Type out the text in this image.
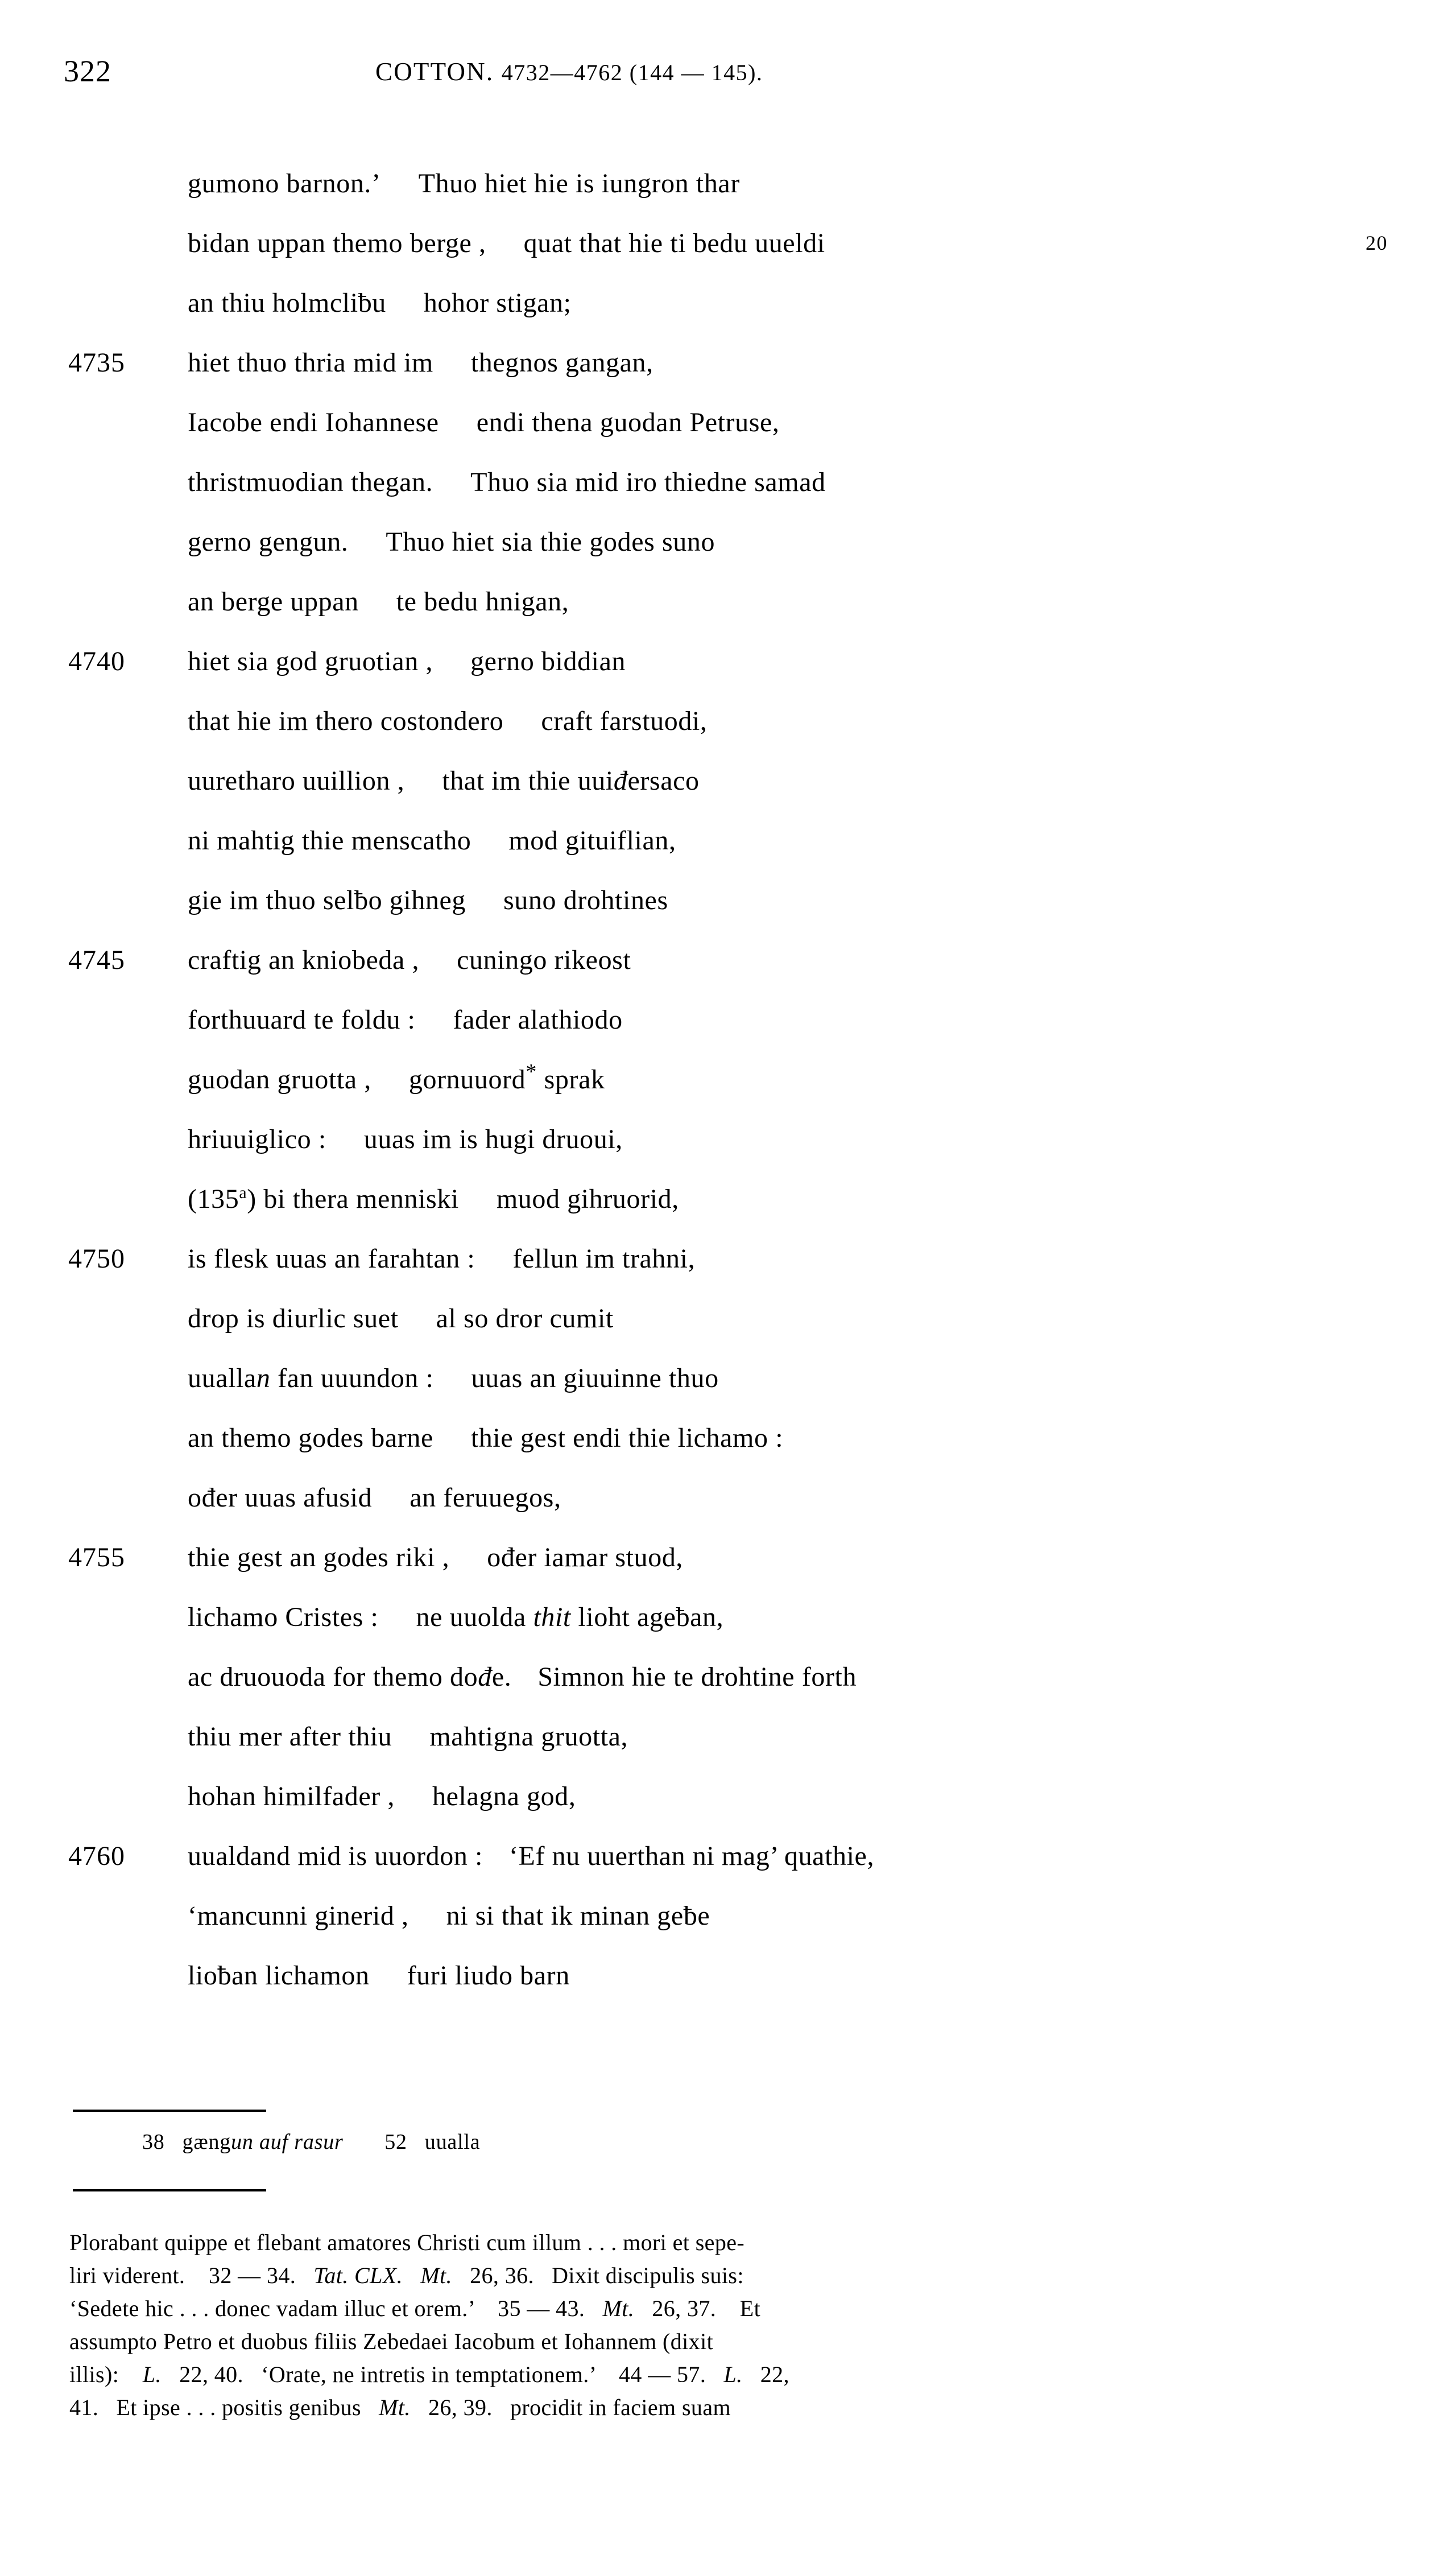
322	COTTON. 4732—4762 (144 — 145).
gumono barnon.’ Thuo hiet hie is iungron thar
bidan uppan themo berge , quat that hie ti bedu uueldi	20
an thiu holmcliƀu hohor stigan;
4735	hiet thuo thria mid im thegnos gangan,
Iacobe endi Iohannese endi thena guodan Petruse,
thristmuodian thegan. Thuo sia mid iro thiedne samad
gerno gengun. Thuo hiet sia thie godes suno
an berge uppan te bedu hnigan,
4740	hiet sia god gruotian , gerno biddian
that hie im thero costondero craft farstuodi,
uuretharo uuillion , that im thie uuiđersaco
ni mahtig thie menscatho mod gituiflian,
gie im thuo selƀo gihneg suno drohtines
4745	craftig an kniobeda , cuningo rikeost
forthuuard te foldu : fader alathiodo
guodan gruotta , gornuuord* sprak
hriuuiglico : uuas im is hugi druoui,
(135$^a$) bi thera menniski muod gihruorid,
4750	is flesk uuas an farahtan : fellun im trahni,
drop is diurlic suet al so dror cumit
uuallan fan uuundon : uuas an giuuinne thuo
an themo godes barne thie gest endi thie lichamo :
ođer uuas afusid an feruuegos,
4755	thie gest an godes riki , ođer iamar stuod,
lichamo Cristes : ne uuolda thit lioht ageƀan,
ac druouoda for themo dođe. Simnon hie te drohtine forth
thiu mer after thiu mahtigna gruotta,
hohan himilfader , helagna god,
4760	uualdand mid is uuordon : ‘Ef nu uuerthan ni mag’ quathie,
‘mancunni ginerid , ni si that ik minan geƀe
lioƀan lichamon furi liudo barn
38 gængun auf rasur 52 uualla
Plorabant quippe et flebant amatores Christi cum illum . . . mori et sepe-
liri viderent. 32 — 34. Tat. CLX. Mt. 26, 36. Dixit discipulis suis:
‘Sedete hic . . . donec vadam illuc et orem.’ 35 — 43. Mt. 26, 37. Et
assumpto Petro et duobus filiis Zebedaei Iacobum et Iohannem (dixit
illis): L. 22, 40. ‘Orate, ne intretis in temptationem.’ 44 — 57. L. 22,
41. Et ipse . . . positis genibus Mt. 26, 39. procidit in faciem suam
